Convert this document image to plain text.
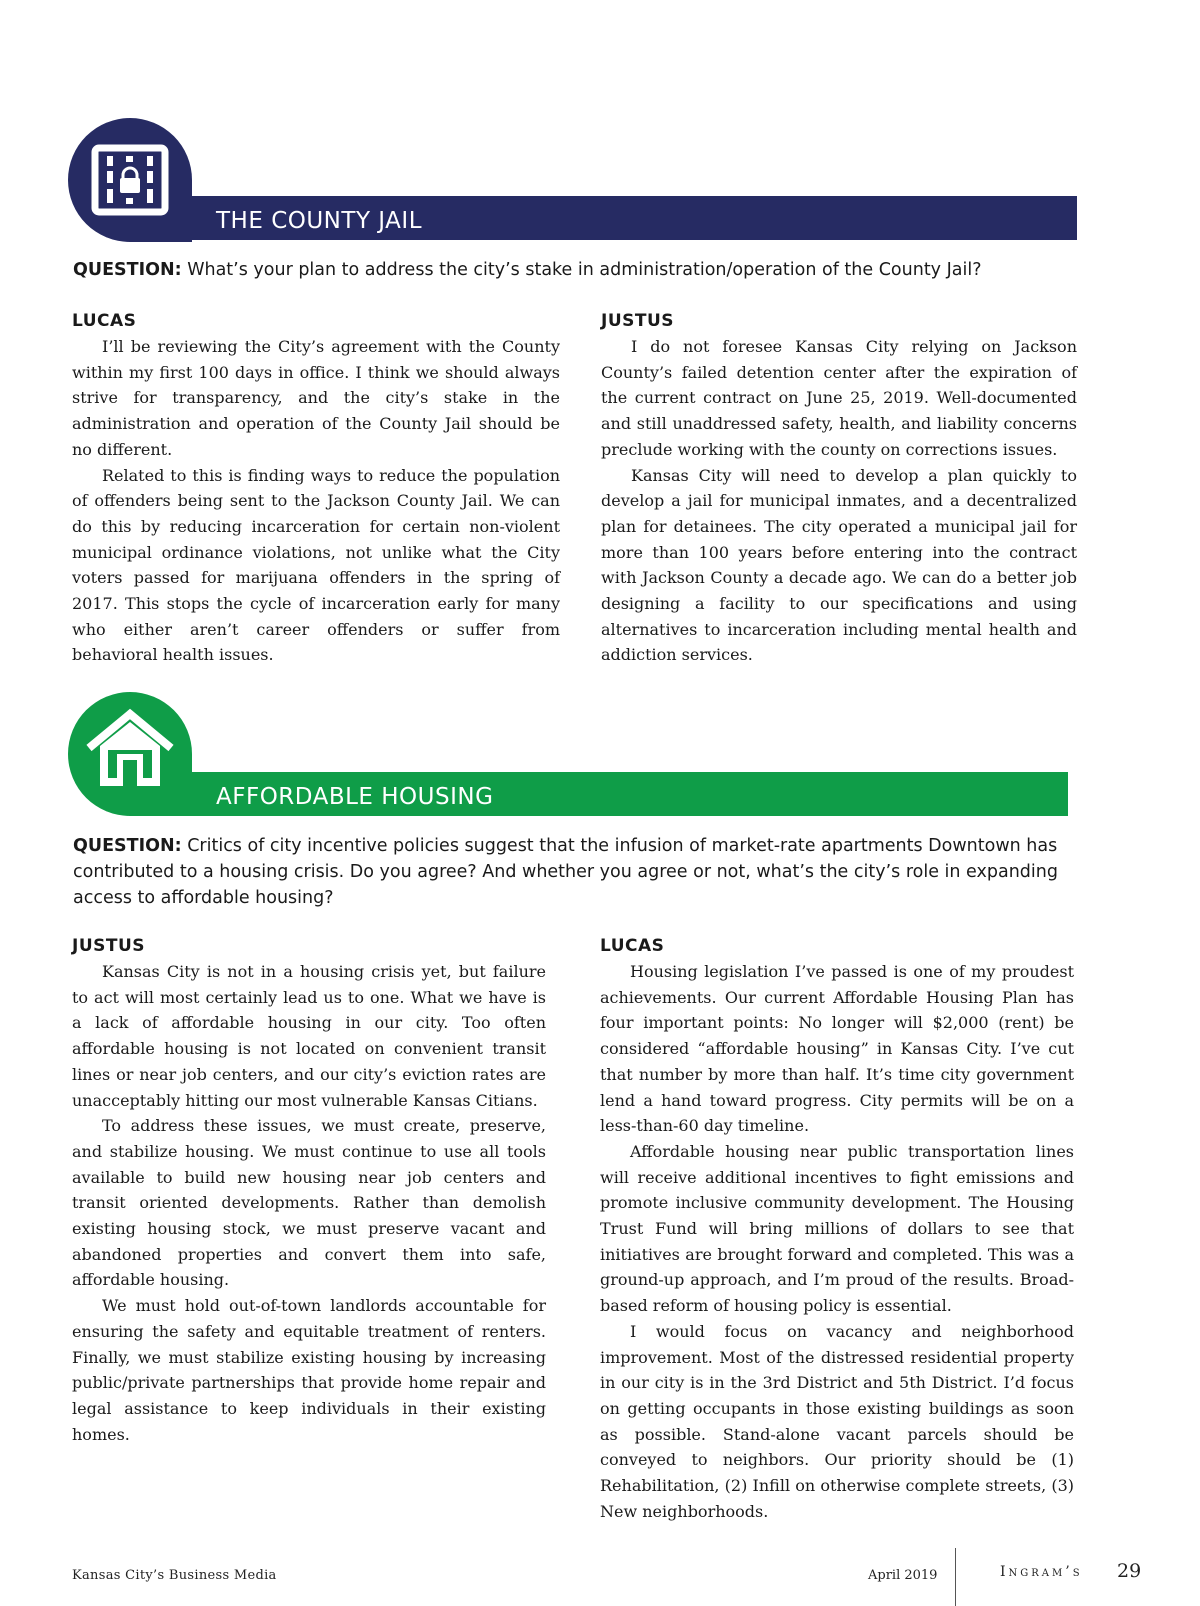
THE COUNTY JAIL
QUESTION: What’s your plan to address the city’s stake in administration/operation of the County Jail?
LUCAS

I’ll be reviewing the City’s agreement with the County within my first 100 days in office. I think we should always strive for transparency, and the city’s stake in the administration and operation of the County Jail should be no different.

Related to this is finding ways to reduce the population of offenders being sent to the Jackson County Jail. We can do this by reducing incarceration for certain non-violent municipal ordinance violations, not unlike what the City voters passed for marijuana offenders in the spring of 2017. This stops the cycle of incarceration early for many who either aren’t career offenders or suffer from behavioral health issues.

JUSTUS

I do not foresee Kansas City relying on Jackson County’s failed detention center after the expiration of the current contract on June 25, 2019. Well-documented and still unaddressed safety, health, and liability concerns preclude working with the county on corrections issues.

Kansas City will need to develop a plan quickly to develop a jail for municipal inmates, and a decentralized plan for detainees. The city operated a municipal jail for more than 100 years before entering into the contract with Jackson County a decade ago. We can do a better job designing a facility to our specifications and using alternatives to incarceration including mental health and addiction services.

AFFORDABLE HOUSING
QUESTION: Critics of city incentive policies suggest that the infusion of market-rate apartments Downtown has contributed to a housing crisis. Do you agree? And whether you agree or not, what’s the city’s role in expanding access to affordable housing?
JUSTUS

Kansas City is not in a housing crisis yet, but failure to act will most certainly lead us to one. What we have is a lack of affordable housing in our city. Too often affordable housing is not located on convenient transit lines or near job centers, and our city’s eviction rates are unacceptably hitting our most vulnerable Kansas Citians.

To address these issues, we must create, preserve, and stabilize housing. We must continue to use all tools available to build new housing near job centers and transit oriented developments. Rather than demolish existing housing stock, we must preserve vacant and abandoned properties and convert them into safe, affordable housing.

We must hold out-of-town landlords accountable for ensuring the safety and equitable treatment of renters. Finally, we must stabilize existing housing by increasing public/private partnerships that provide home repair and legal assistance to keep individuals in their existing homes.

LUCAS

Housing legislation I’ve passed is one of my proudest achievements. Our current Affordable Housing Plan has four important points: No longer will $2,000 (rent) be considered “affordable housing” in Kansas City. I’ve cut that number by more than half. It’s time city government lend a hand toward progress. City permits will be on a less-than-60 day timeline.

Affordable housing near public transportation lines will receive additional incentives to fight emissions and promote inclusive community development. The Housing Trust Fund will bring millions of dollars to see that initiatives are brought forward and completed. This was a ground-up approach, and I’m proud of the results. Broad-based reform of housing policy is essential.

I would focus on vacancy and neighborhood improvement. Most of the distressed residential property in our city is in the 3rd District and 5th District. I’d focus on getting occupants in those existing buildings as soon as possible. Stand-alone vacant parcels should be conveyed to neighbors. Our priority should be (1) Rehabilitation, (2) Infill on otherwise complete streets, (3) New neighborhoods.

Kansas City’s Business Media	April 2019	Ingram’s 29
